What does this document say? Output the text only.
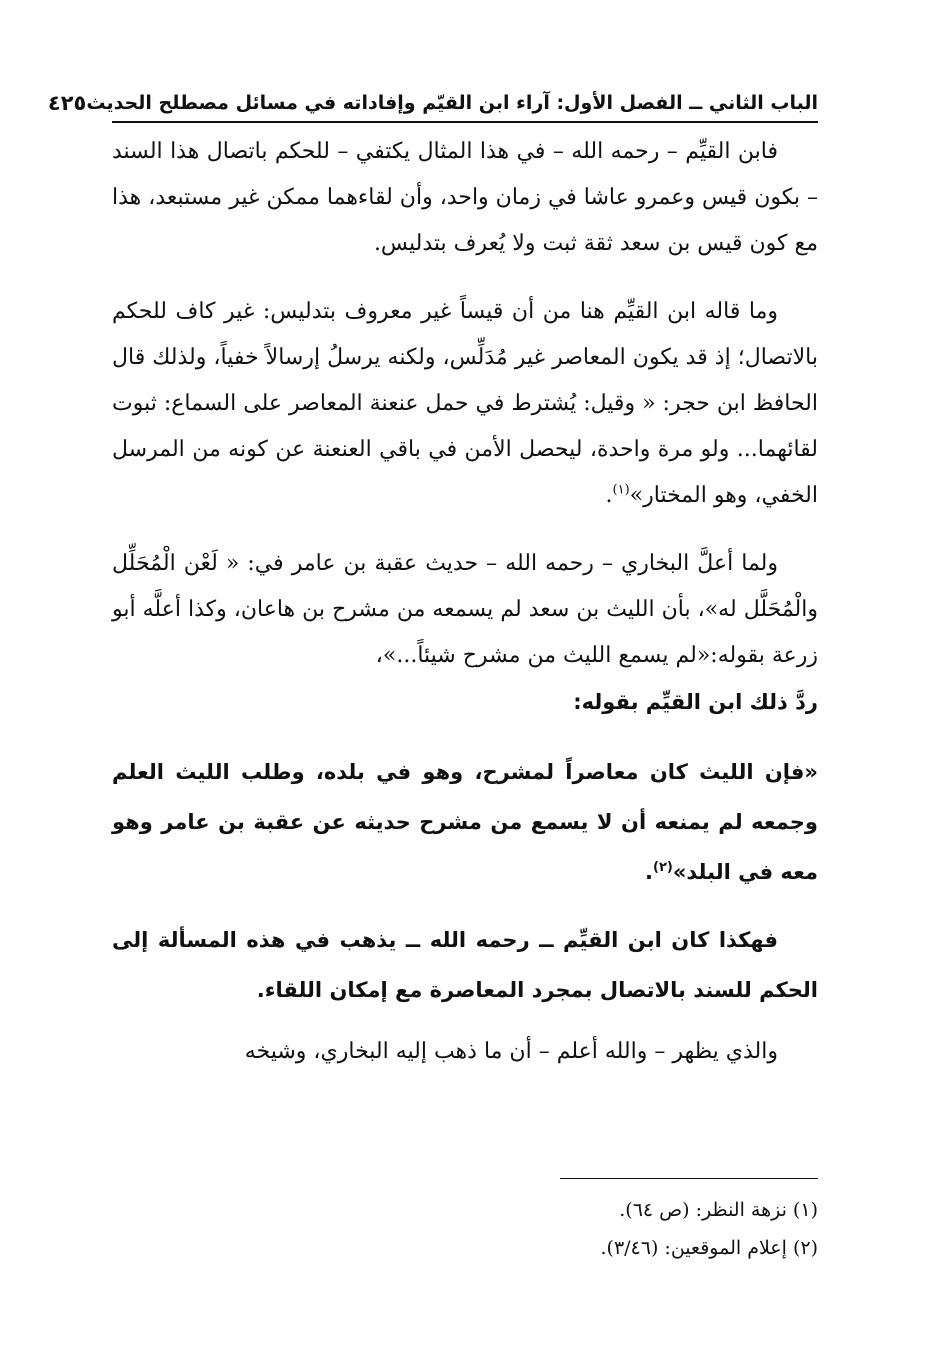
الباب الثاني ــ الفصل الأول: آراء ابن القيّم وإفاداته في مسائل مصطلح الحديث
٤٢٥

فابن القيِّم – رحمه الله – في هذا المثال يكتفي – للحكم باتصال هذا السند – بكون قيس وعمرو عاشا في زمان واحد، وأن لقاءهما ممكن غير مستبعد، هذا مع كون قيس بن سعد ثقة ثبت ولا يُعرف بتدليس.

وما قاله ابن القيِّم هنا من أن قيساً غير معروف بتدليس: غير كاف للحكم بالاتصال؛ إذ قد يكون المعاصر غير مُدَلِّس، ولكنه يرسلُ إرسالاً خفياً، ولذلك قال الحافظ ابن حجر: « وقيل: يُشترط في حمل عنعنة المعاصر على السماع: ثبوت لقائهما... ولو مرة واحدة، ليحصل الأمن في باقي العنعنة عن كونه من المرسل الخفي، وهو المختار»$^{(١)}$.

ولما أعلَّ البخاري – رحمه الله – حديث عقبة بن عامر في: « لَعْن الْمُحَلِّل والْمُحَلَّل له»، بأن الليث بن سعد لم يسمعه من مشرح بن هاعان، وكذا أعلَّه أبو زرعة بقوله:«لم يسمع الليث من مشرح شيئاً...»،

ردَّ ذلك ابن القيِّم بقوله:

«فإن الليث كان معاصراً لمشرح، وهو في بلده، وطلب الليث العلم وجمعه لم يمنعه أن لا يسمع من مشرح حديثه عن عقبة بن عامر وهو معه في البلد»$^{(٢)}$.

فهكذا كان ابن القيِّم ــ رحمه الله ــ يذهب في هذه المسألة إلى الحكم للسند بالاتصال بمجرد المعاصرة مع إمكان اللقاء.

والذي يظهر – والله أعلم – أن ما ذهب إليه البخاري، وشيخه

(١) نزهة النظر: (ص ٦٤).

(٢) إعلام الموقعين: (٣/٤٦).
